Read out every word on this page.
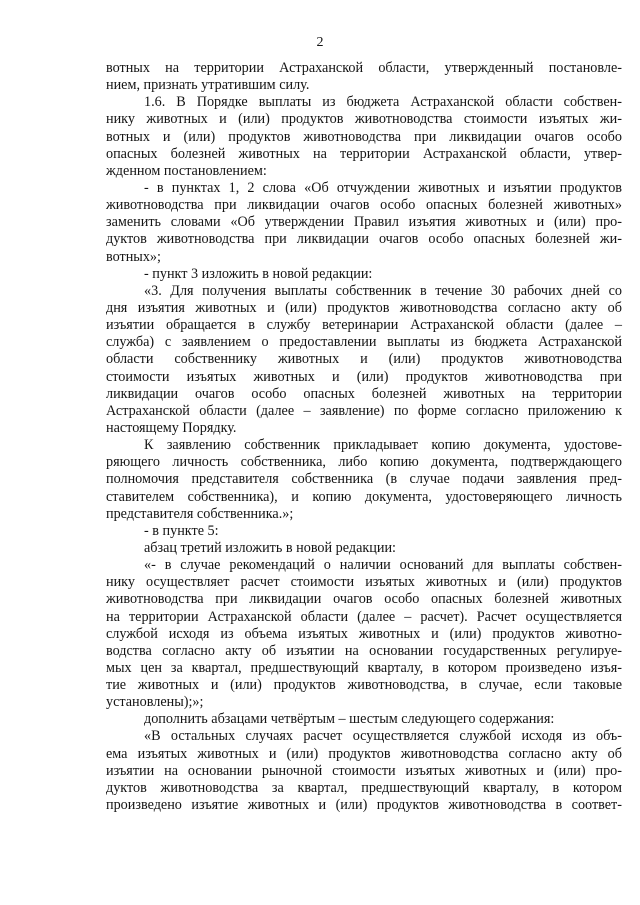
2
вотных на территории Астраханской области, утвержденный постановле-
нием, признать утратившим силу.
1.6. В Порядке выплаты из бюджета Астраханской области собствен-
нику животных и (или) продуктов животноводства стоимости изъятых жи-
вотных и (или) продуктов животноводства при ликвидации очагов особо
опасных болезней животных на территории Астраханской области, утвер-
жденном постановлением:
- в пунктах 1, 2 слова «Об отчуждении животных и изъятии продуктов
животноводства при ликвидации очагов особо опасных болезней животных»
заменить словами «Об утверждении Правил изъятия животных и (или) про-
дуктов животноводства при ликвидации очагов особо опасных болезней жи-
вотных»;
- пункт 3 изложить в новой редакции:
«3. Для получения выплаты собственник в течение 30 рабочих дней со
дня изъятия животных и (или) продуктов животноводства согласно акту об
изъятии обращается в службу ветеринарии Астраханской области (далее –
служба) с заявлением о предоставлении выплаты из бюджета Астраханской
области собственнику животных и (или) продуктов животноводства
стоимости изъятых животных и (или) продуктов животноводства при
ликвидации очагов особо опасных болезней животных на территории
Астраханской области (далее – заявление) по форме согласно приложению к
настоящему Порядку.
К заявлению собственник прикладывает копию документа, удостове-
ряющего личность собственника, либо копию документа, подтверждающего
полномочия представителя собственника (в случае подачи заявления пред-
ставителем собственника), и копию документа, удостоверяющего личность
представителя собственника.»;
- в пункте 5:
абзац третий изложить в новой редакции:
«- в случае рекомендаций о наличии оснований для выплаты собствен-
нику осуществляет расчет стоимости изъятых животных и (или) продуктов
животноводства при ликвидации очагов особо опасных болезней животных
на территории Астраханской области (далее – расчет). Расчет осуществляется
службой исходя из объема изъятых животных и (или) продуктов животно-
водства согласно акту об изъятии на основании государственных регулируе-
мых цен за квартал, предшествующий кварталу, в котором произведено изъя-
тие животных и (или) продуктов животноводства, в случае, если таковые
установлены);»;
дополнить абзацами четвёртым – шестым следующего содержания:
«В остальных случаях расчет осуществляется службой исходя из объ-
ема изъятых животных и (или) продуктов животноводства согласно акту об
изъятии на основании рыночной стоимости изъятых животных и (или) про-
дуктов животноводства за квартал, предшествующий кварталу, в котором
произведено изъятие животных и (или) продуктов животноводства в соответ-
